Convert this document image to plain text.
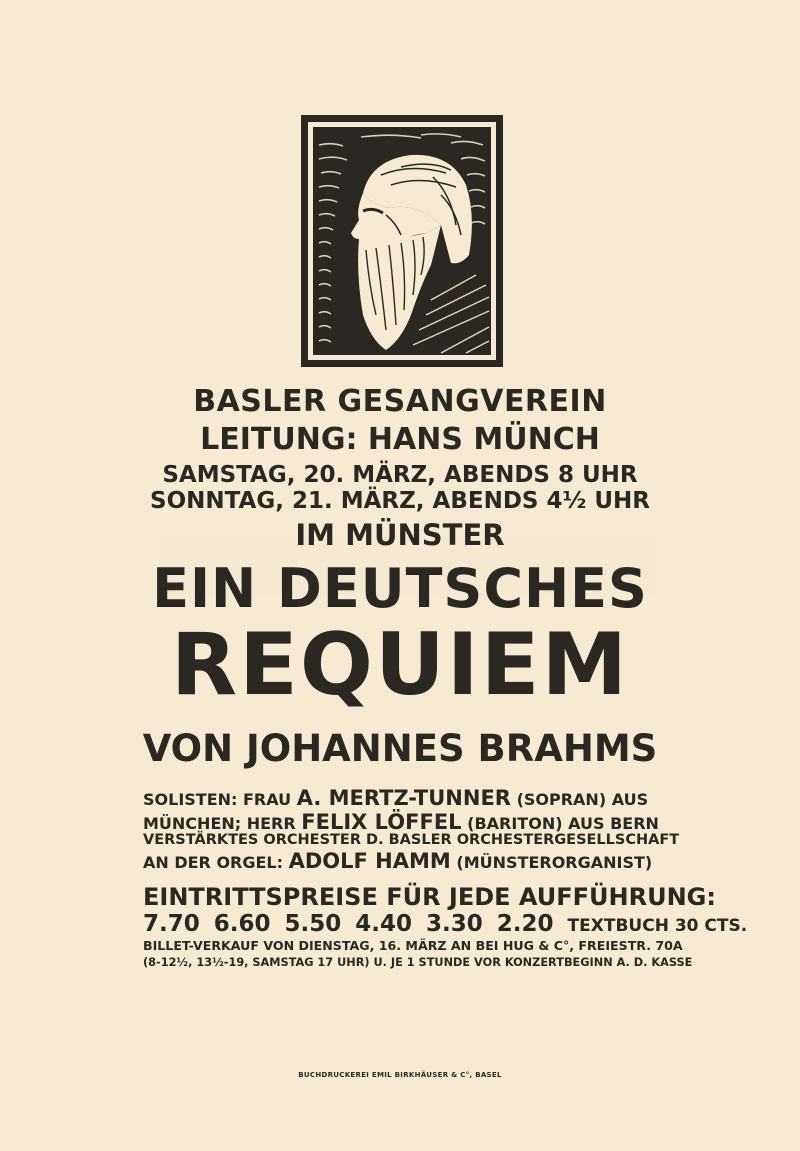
BASLER GESANGVEREIN
LEITUNG: HANS MÜNCH
SAMSTAG, 20. MÄRZ, ABENDS 8 UHR
SONNTAG, 21. MÄRZ, ABENDS 4½ UHR
IM MÜNSTER
EIN DEUTSCHES
REQUIEM
VON JOHANNES BRAHMS
SOLISTEN: FRAU A. MERTZ-TUNNER (SOPRAN) AUS
MÜNCHEN; HERR FELIX LÖFFEL (BARITON) AUS BERN
VERSTÄRKTES ORCHESTER D. BASLER ORCHESTERGESELLSCHAFT
AN DER ORGEL: ADOLF HAMM (MÜNSTERORGANIST)
EINTRITTSPREISE FÜR JEDE AUFFÜHRUNG:
7.70 6.60 5.50 4.40 3.30 2.20 TEXTBUCH 30 CTS.
BILLET-VERKAUF VON DIENSTAG, 16. MÄRZ AN BEI HUG & C°, FREIESTR. 70A
(8-12½, 13½-19, SAMSTAG 17 UHR) U. JE 1 STUNDE VOR KONZERTBEGINN A. D. KASSE
BUCHDRUCKEREI EMIL BIRKHÄUSER & C°, BASEL
